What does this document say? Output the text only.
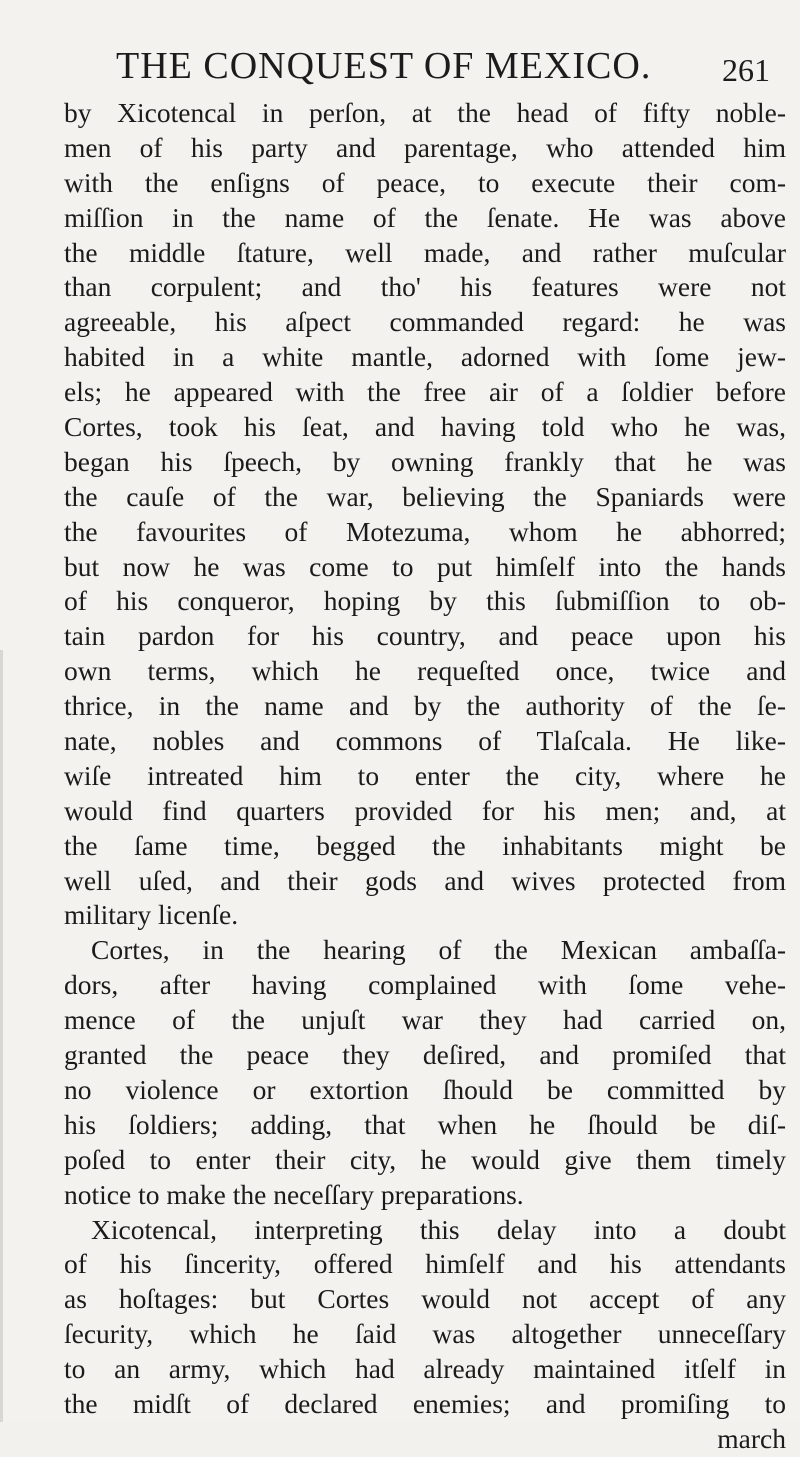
THE CONQUEST OF MEXICO. 261
by Xicotencal in perſon, at the head of fifty noble-
men of his party and parentage, who attended him
with the enſigns of peace, to execute their com-
miſſion in the name of the ſenate. He was above
the middle ſtature, well made, and rather muſcular
than corpulent; and tho' his features were not
agreeable, his aſpect commanded regard: he was
habited in a white mantle, adorned with ſome jew-
els; he appeared with the free air of a ſoldier before
Cortes, took his ſeat, and having told who he was,
began his ſpeech, by owning frankly that he was
the cauſe of the war, believing the Spaniards were
the favourites of Motezuma, whom he abhorred;
but now he was come to put himſelf into the hands
of his conqueror, hoping by this ſubmiſſion to ob-
tain pardon for his country, and peace upon his
own terms, which he requeſted once, twice and
thrice, in the name and by the authority of the ſe-
nate, nobles and commons of Tlaſcala. He like-
wiſe intreated him to enter the city, where he
would find quarters provided for his men; and, at
the ſame time, begged the inhabitants might be
well uſed, and their gods and wives protected from
military licenſe.
Cortes, in the hearing of the Mexican ambaſſa-
dors, after having complained with ſome vehe-
mence of the unjuſt war they had carried on,
granted the peace they deſired, and promiſed that
no violence or extortion ſhould be committed by
his ſoldiers; adding, that when he ſhould be diſ-
poſed to enter their city, he would give them timely
notice to make the neceſſary preparations.
Xicotencal, interpreting this delay into a doubt
of his ſincerity, offered himſelf and his attendants
as hoſtages: but Cortes would not accept of any
ſecurity, which he ſaid was altogether unneceſſary
to an army, which had already maintained itſelf in
the midſt of declared enemies; and promiſing to
march
